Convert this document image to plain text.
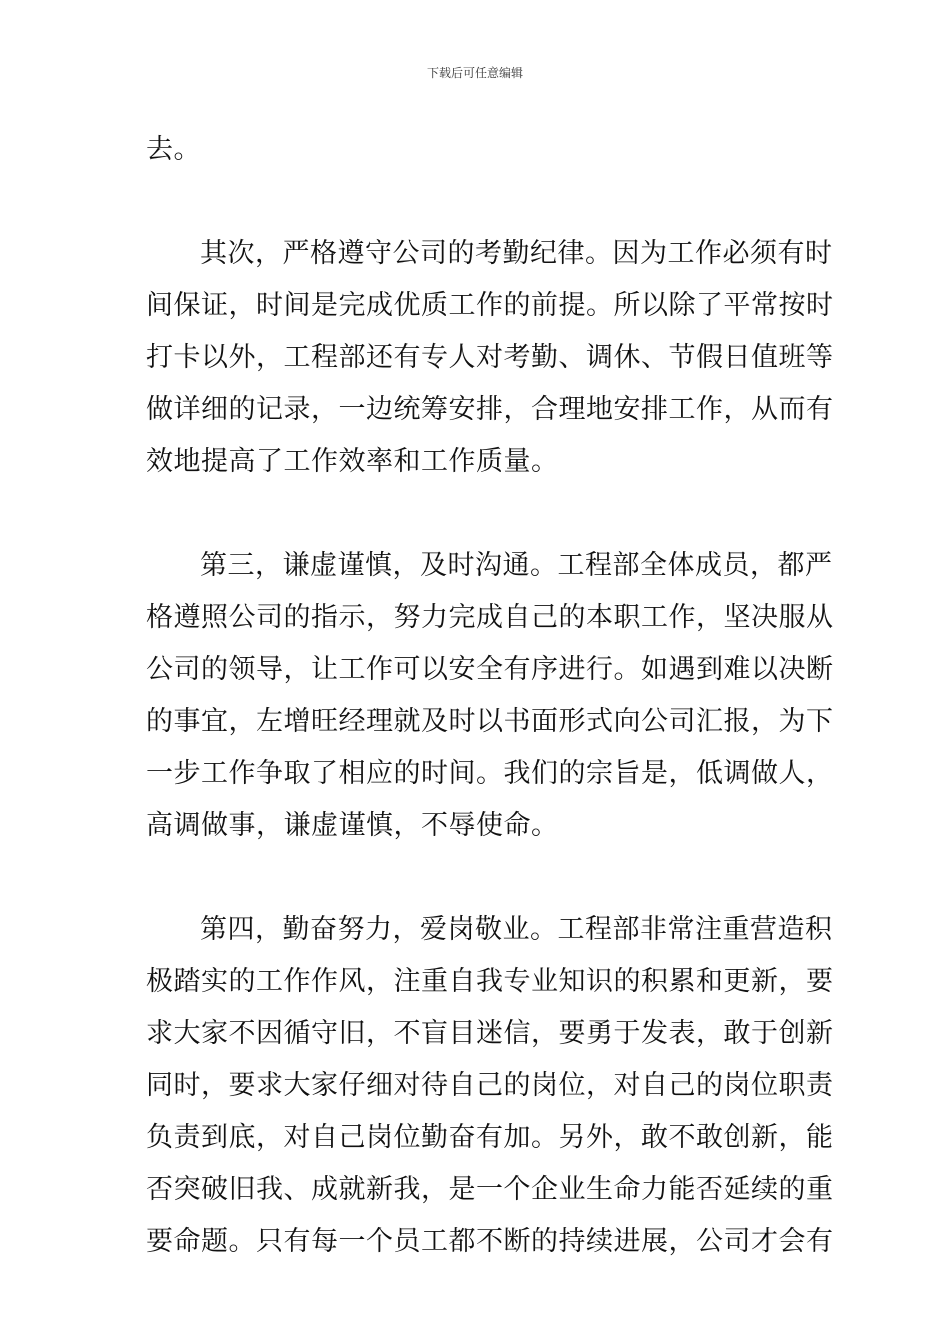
下载后可任意编辑
去。
其次，严格遵守公司的考勤纪律。因为工作必须有时
间保证，时间是完成优质工作的前提。所以除了平常按时
打卡以外，工程部还有专人对考勤、调休、节假日值班等
做详细的记录，一边统筹安排，合理地安排工作，从而有
效地提高了工作效率和工作质量。
第三，谦虚谨慎，及时沟通。工程部全体成员，都严
格遵照公司的指示，努力完成自己的本职工作，坚决服从
公司的领导，让工作可以安全有序进行。如遇到难以决断
的事宜，左增旺经理就及时以书面形式向公司汇报，为下
一步工作争取了相应的时间。我们的宗旨是，低调做人，
高调做事，谦虚谨慎，不辱使命。
第四，勤奋努力，爱岗敬业。工程部非常注重营造积
极踏实的工作作风，注重自我专业知识的积累和更新，要
求大家不因循守旧，不盲目迷信，要勇于发表，敢于创新
同时，要求大家仔细对待自己的岗位，对自己的岗位职责
负责到底，对自己岗位勤奋有加。另外，敢不敢创新，能
否突破旧我、成就新我，是一个企业生命力能否延续的重
要命题。只有每一个员工都不断的持续进展，公司才会有
